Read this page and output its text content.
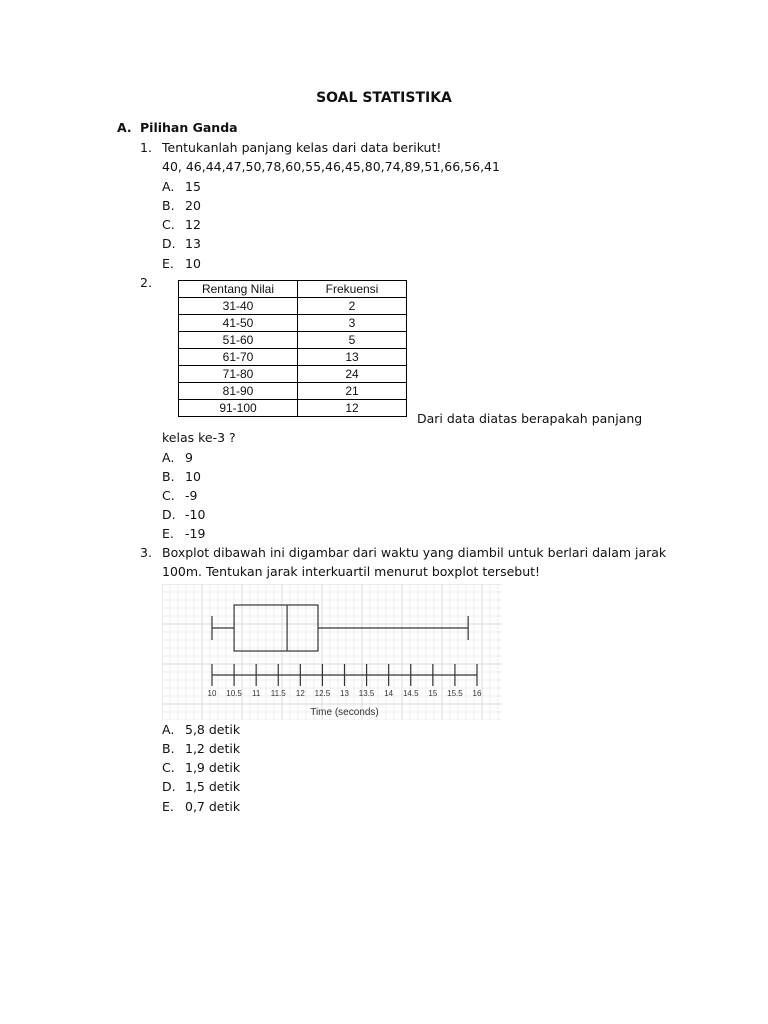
SOAL STATISTIKA
A. Pilihan Ganda
1. Tentukanlah panjang kelas dari data berikut!
40, 46,44,47,50,78,60,55,46,45,80,74,89,51,66,56,41
A. 15
B. 20
C. 12
D. 13
E. 10
2.	Rentang Nilai	Frekuensi
31-40	2
41-50	3
51-60	5
61-70	13
71-80	24
81-90	21
91-100	12
Dari data diatas berapakah panjang
kelas ke-3 ?
A. 9
B. 10
C. -9
D. -10
E. -19
3. Boxplot dibawah ini digambar dari waktu yang diambil untuk berlari dalam jarak
100m. Tentukan jarak interkuartil menurut boxplot tersebut!
10 10.5 11 11.5 12 12.5 13 13.5 14 14.5 15 15.5 16
Time (seconds)
A. 5,8 detik
B. 1,2 detik
C. 1,9 detik
D. 1,5 detik
E. 0,7 detik
